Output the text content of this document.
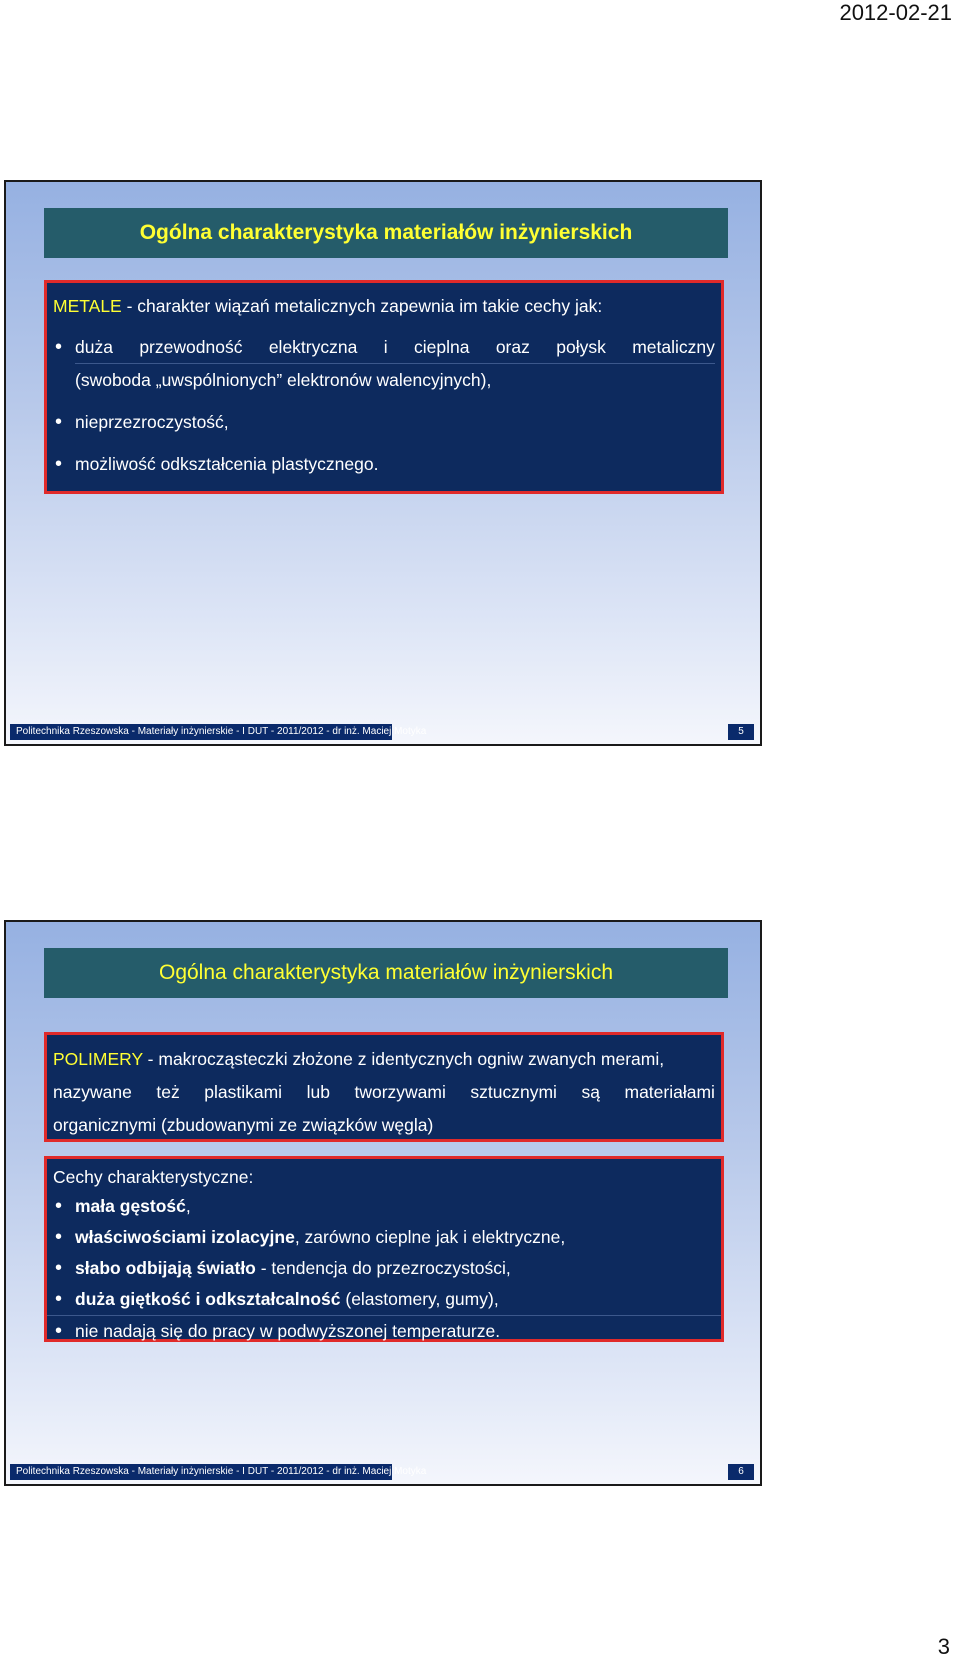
2012-02-21
Ogólna charakterystyka materiałów inżynierskich
METALE - charakter wiązań metalicznych zapewnia im takie cechy jak:
• duża przewodność elektryczna i cieplna oraz połysk metaliczny
(swoboda „uwspólnionych” elektronów walencyjnych),
• nieprzezroczystość,
• możliwość odkształcenia plastycznego.
Politechnika Rzeszowska - Materiały inżynierskie - I DUT - 2011/2012 - dr inż. Maciej Motyka	5
Ogólna charakterystyka materiałów inżynierskich
POLIMERY - makrocząsteczki złożone z identycznych ogniw zwanych merami,
nazywane też plastikami lub tworzywami sztucznymi są materiałami
organicznymi (zbudowanymi ze związków węgla)
Cechy charakterystyczne:
• mała gęstość,
• właściwościami izolacyjne, zarówno cieplne jak i elektryczne,
• słabo odbijają światło - tendencja do przezroczystości,
• duża giętkość i odkształcalność (elastomery, gumy),
• nie nadają się do pracy w podwyższonej temperaturze.
Politechnika Rzeszowska - Materiały inżynierskie - I DUT - 2011/2012 - dr inż. Maciej Motyka	6
3
